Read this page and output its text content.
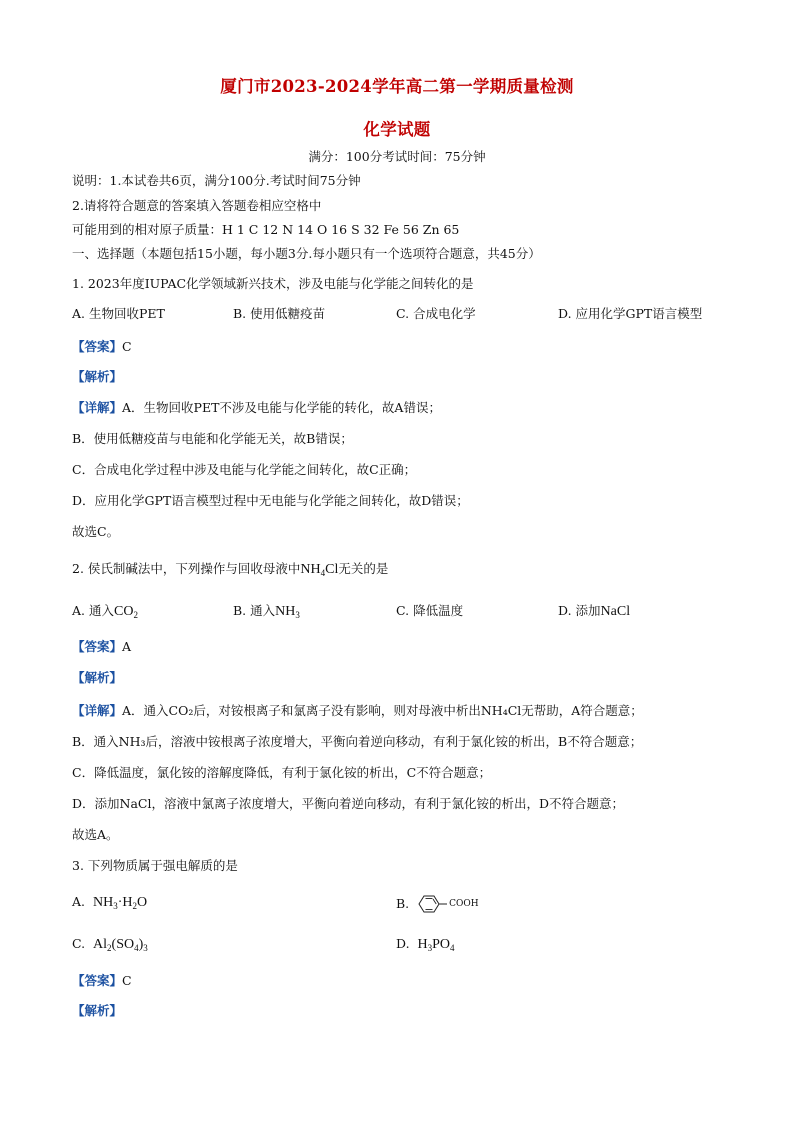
厦门市2023-2024学年高二第一学期质量检测
化学试题
满分：100分考试时间：75分钟
说明：1.本试卷共6页，满分100分.考试时间75分钟
2.请将符合题意的答案填入答题卷相应空格中
可能用到的相对原子质量：H 1 C 12 N 14 O 16 S 32 Fe 56 Zn 65
一、选择题（本题包括15小题，每小题3分.每小题只有一个选项符合题意，共45分）
1. 2023年度IUPAC化学领域新兴技术，涉及电能与化学能之间转化的是
A. 生物回收PET	B. 使用低糖疫苗	C. 合成电化学	D. 应用化学GPT语言模型
【答案】C
【解析】
【详解】A．生物回收PET不涉及电能与化学能的转化，故A错误；
B．使用低糖疫苗与电能和化学能无关，故B错误；
C．合成电化学过程中涉及电能与化学能之间转化，故C正确；
D．应用化学GPT语言模型过程中无电能与化学能之间转化，故D错误；
故选C。
2. 侯氏制碱法中，下列操作与回收母液中$NH_4Cl$无关的是
A. 通入$CO_2$	B. 通入$NH_3$	C. 降低温度	D. 添加NaCl
【答案】A
【解析】
【详解】A．通入CO₂后，对铵根离子和氯离子没有影响，则对母液中析出NH₄Cl无帮助，A符合题意；
B．通入NH₃后，溶液中铵根离子浓度增大，平衡向着逆向移动，有利于氯化铵的析出，B不符合题意；
C．降低温度，氯化铵的溶解度降低，有利于氯化铵的析出，C不符合题意；
D．添加NaCl，溶液中氯离子浓度增大，平衡向着逆向移动，有利于氯化铵的析出，D不符合题意；
故选A。
3. 下列物质属于强电解质的是
A. $NH_3\cdot H_2O$	B.	COOH
C. $Al_2(SO_4)_3$	D. $H_3PO_4$
【答案】C
【解析】
